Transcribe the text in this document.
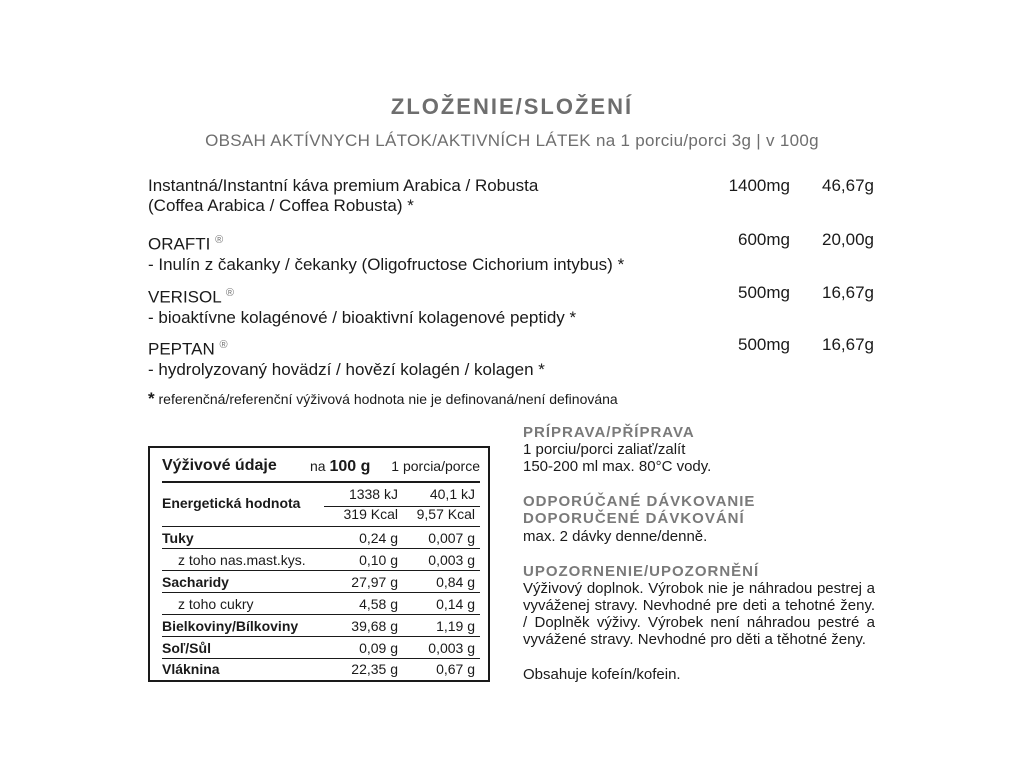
ZLOŽENIE/SLOŽENÍ
OBSAH AKTÍVNYCH LÁTOK/AKTIVNÍCH LÁTEK na 1 porciu/porci 3g | v 100g
Instantná/Instantní káva premium Arabica / Robusta
(Coffea Arabica / Coffea Robusta) *
1400mg	46,67g
ORAFTI ®
- Inulín z čakanky / čekanky (Oligofructose Cichorium intybus) *
600mg	20,00g
VERISOL ®
- bioaktívne kolagénové / bioaktivní kolagenové peptidy *
500mg	16,67g
PEPTAN ®
- hydrolyzovaný hovädzí / hovězí kolagén / kolagen *
500mg	16,67g
* referenčná/referenční výživová hodnota nie je definovaná/není definována
Výživové údaje na 100 g 1 porcia/porce
Energetická hodnota
1338 kJ	40,1 kJ
319 Kcal	9,57 Kcal
Tuky	0,24 g	0,007 g
z toho nas.mast.kys.	0,10 g	0,003 g
Sacharidy	27,97 g	0,84 g
z toho cukry	4,58 g	0,14 g
Bielkoviny/Bílkoviny	39,68 g	1,19 g
Soľ/Sůl	0,09 g	0,003 g
Vláknina	22,35 g	0,67 g
PRÍPRAVA/PŘÍPRAVA
1 porciu/porci zaliať/zalít
150-200 ml max. 80°C vody.
ODPORÚČANÉ DÁVKOVANIE
DOPORUČENÉ DÁVKOVÁNÍ
max. 2 dávky denne/denně.
UPOZORNENIE/UPOZORNĚNÍ
Výživový doplnok. Výrobok nie je náhradou pestrej a vyváženej stravy. Nevhodné pre deti a tehotné ženy. / Doplněk výživy. Výrobek není náhradou pestré a vyvážené stravy. Nevhodné pro děti a těhotné ženy.
Obsahuje kofeín/kofein.
